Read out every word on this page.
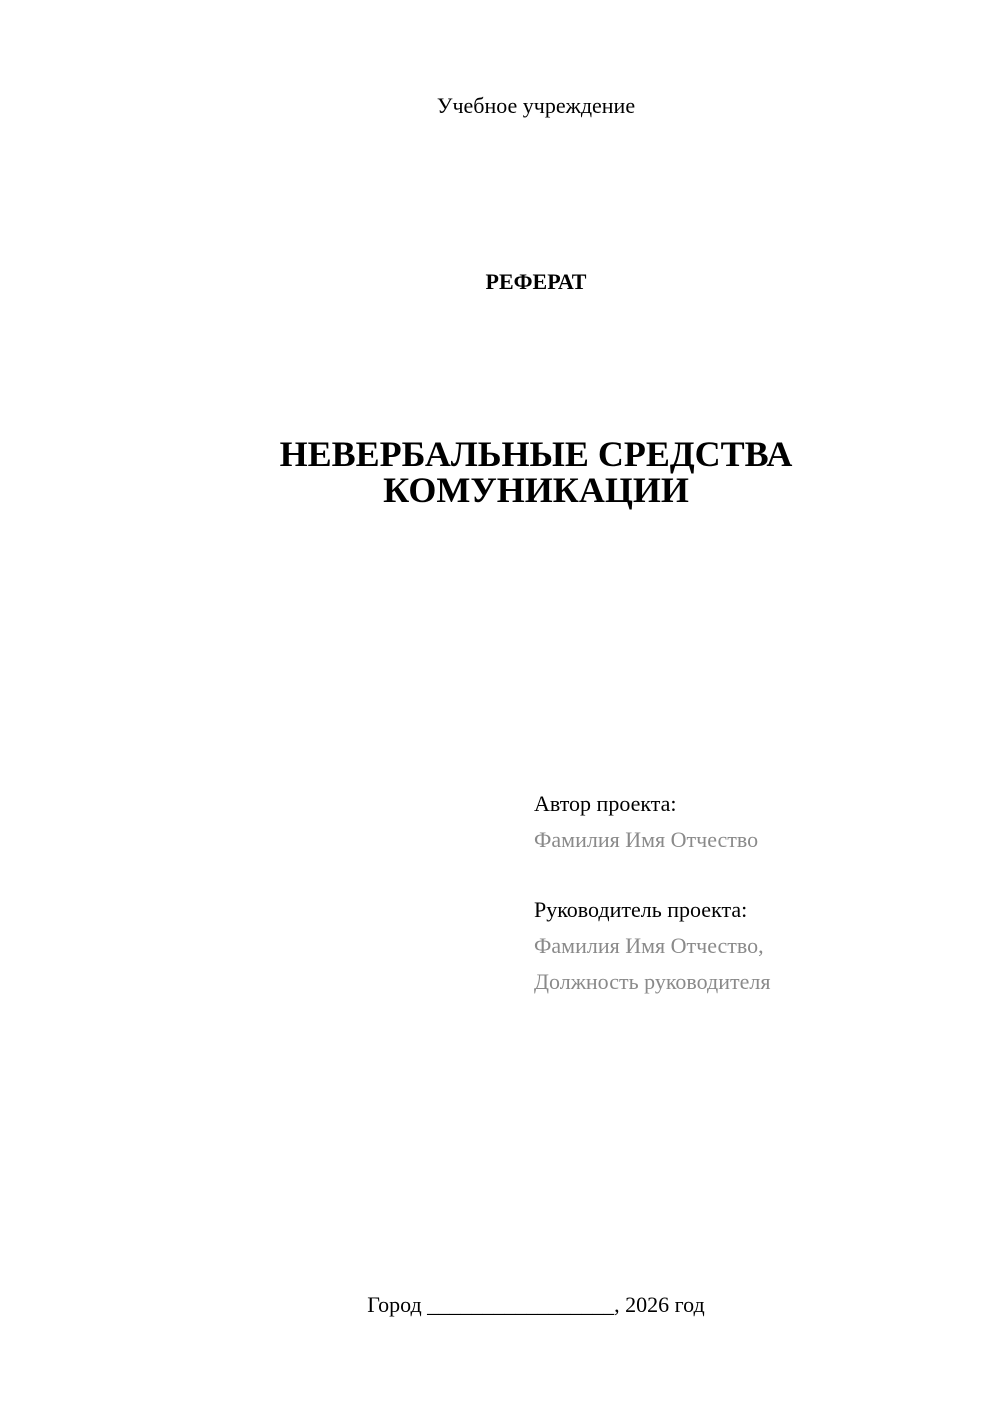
Учебное учреждение
РЕФЕРАТ
НЕВЕРБАЛЬНЫЕ СРЕДСТВА
КОМУНИКАЦИИ
Автор проекта:
Фамилия Имя Отчество
Руководитель проекта:
Фамилия Имя Отчество,
Должность руководителя
Город _________________, 2026 год
